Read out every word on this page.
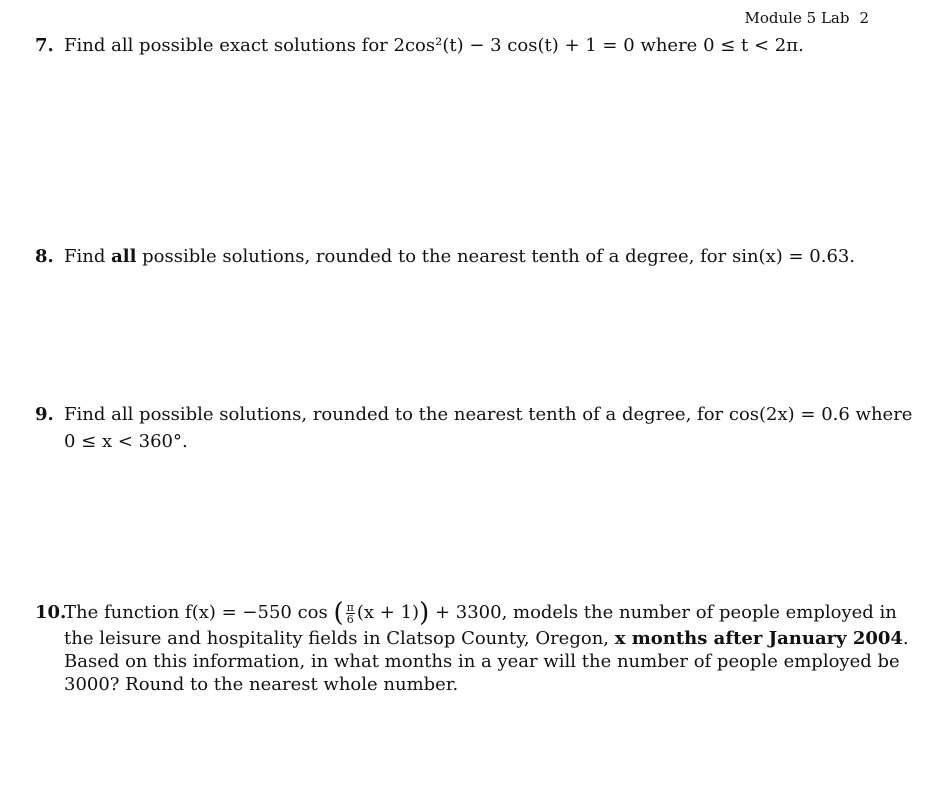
Module 5 Lab 2
7. Find all possible exact solutions for 2cos²(t) − 3 cos(t) + 1 = 0 where 0 ≤ t < 2π.
8. Find all possible solutions, rounded to the nearest tenth of a degree, for sin(x) = 0.63.
9. Find all possible solutions, rounded to the nearest tenth of a degree, for cos(2x) = 0.6 where
0 ≤ x < 360°.
10.The function f(x) = −550 cos ( $\frac{\pi}{6} (x + 1)) + 3300$, models the number of people employed in
the leisure and hospitality fields in Clatsop County, Oregon, x months after January 2004.
Based on this information, in what months in a year will the number of people employed be
3000? Round to the nearest whole number.
